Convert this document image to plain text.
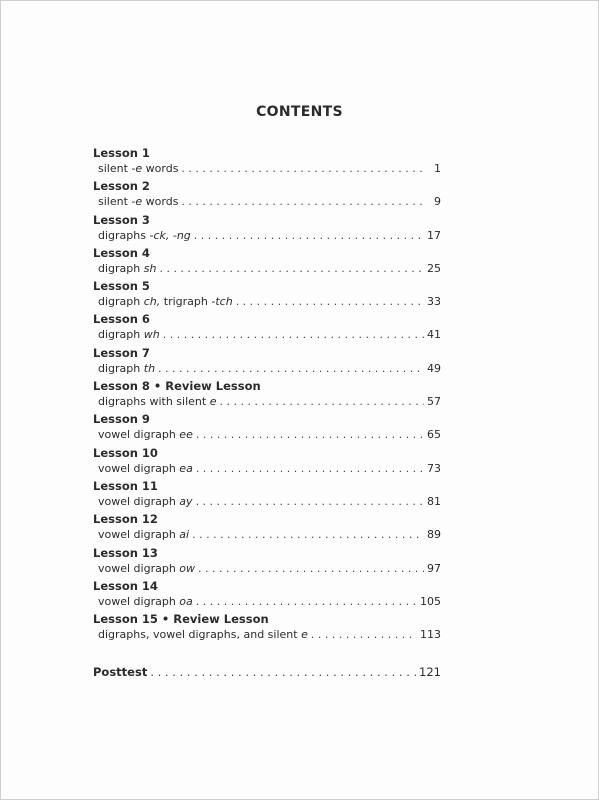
CONTENTS
Lesson 1
silent -e words . . .	1
Lesson 2
silent -e words . . .	9
Lesson 3
digraphs -ck, -ng . . .	17
Lesson 4
digraph sh . . .	25
Lesson 5
digraph ch, trigraph -tch . . .	33
Lesson 6
digraph wh . . .	41
Lesson 7
digraph th . . .	49
Lesson 8 • Review Lesson
digraphs with silent e . . .	57
Lesson 9
vowel digraph ee . . .	65
Lesson 10
vowel digraph ea . . .	73
Lesson 11
vowel digraph ay . . .	81
Lesson 12
vowel digraph ai . . .	89
Lesson 13
vowel digraph ow . . .	97
Lesson 14
vowel digraph oa . . .	105
Lesson 15 • Review Lesson
digraphs, vowel digraphs, and silent e . . .	113
Posttest . . .	121
